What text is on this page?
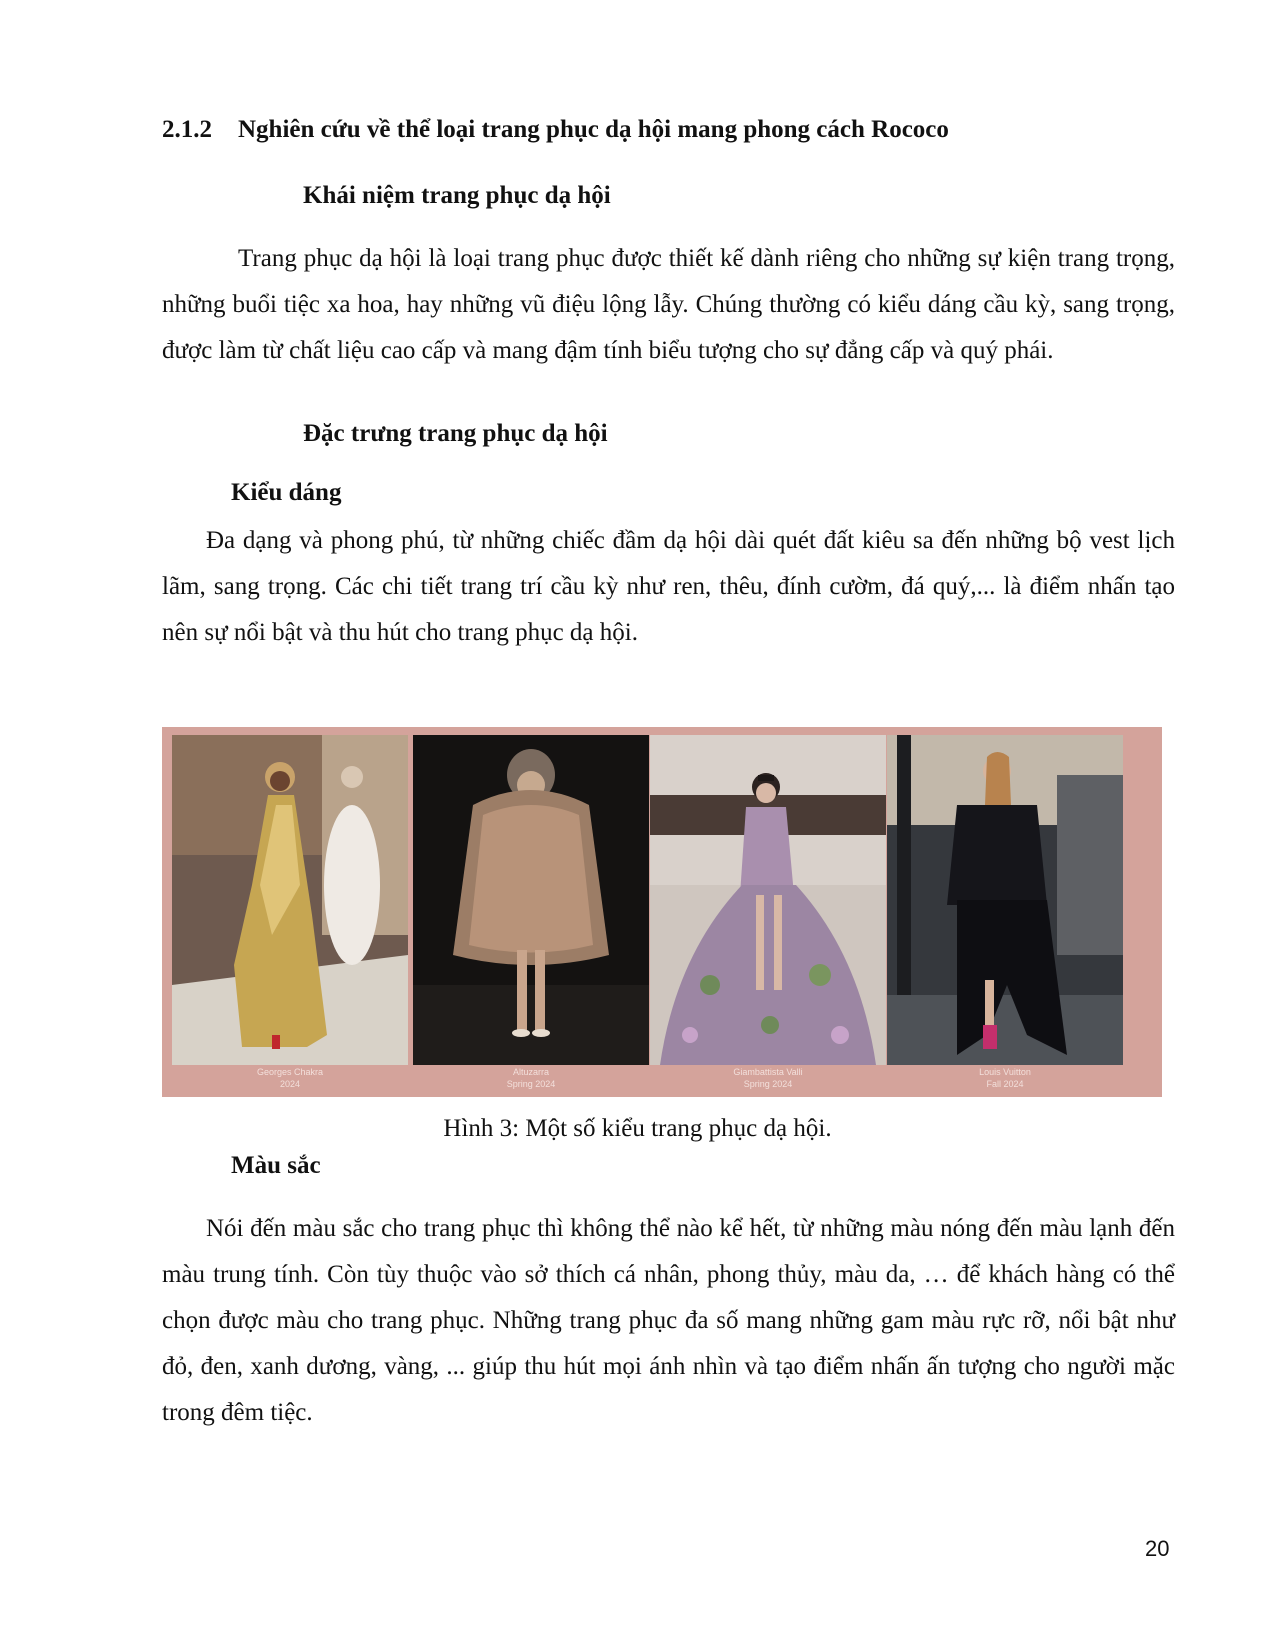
2.1.2 Nghiên cứu về thể loại trang phục dạ hội mang phong cách Rococo
Khái niệm trang phục dạ hội
Trang phục dạ hội là loại trang phục được thiết kế dành riêng cho những sự kiện trang trọng, những buổi tiệc xa hoa, hay những vũ điệu lộng lẫy. Chúng thường có kiểu dáng cầu kỳ, sang trọng, được làm từ chất liệu cao cấp và mang đậm tính biểu tượng cho sự đẳng cấp và quý phái.
Đặc trưng trang phục dạ hội
Kiểu dáng
Đa dạng và phong phú, từ những chiếc đầm dạ hội dài quét đất kiêu sa đến những bộ vest lịch lãm, sang trọng. Các chi tiết trang trí cầu kỳ như ren, thêu, đính cườm, đá quý,... là điểm nhấn tạo nên sự nổi bật và thu hút cho trang phục dạ hội.
Georges Chakra
2024
Altuzarra
Spring 2024
Giambattista Valli
Spring 2024
Louis Vuitton
Fall 2024
Hình 3: Một số kiểu trang phục dạ hội.
Màu sắc
Nói đến màu sắc cho trang phục thì không thể nào kể hết, từ những màu nóng đến màu lạnh đến màu trung tính. Còn tùy thuộc vào sở thích cá nhân, phong thủy, màu da, … để khách hàng có thể chọn được màu cho trang phục. Những trang phục đa số mang những gam màu rực rỡ, nổi bật như đỏ, đen, xanh dương, vàng, ... giúp thu hút mọi ánh nhìn và tạo điểm nhấn ấn tượng cho người mặc trong đêm tiệc.
20
